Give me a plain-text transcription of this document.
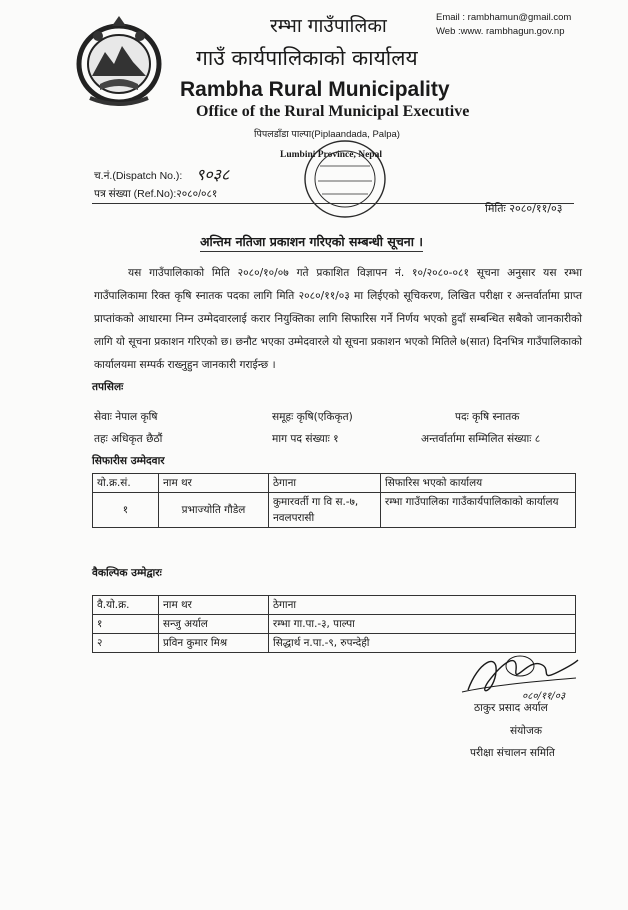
रम्भा गाउँपालिका	Email : rambhamun@gmail.com
Web :www. rambhagun.gov.np
गाउँ कार्यपालिकाको कार्यालय
Rambha Rural Municipality
Office of the Rural Municipal Executive
पिपलडाँडा पाल्पा(Piplaandada, Palpa)
Lumbini Province, Nepal
च.नं.(Dispatch No.): ९०३८
पत्र संख्या (Ref.No):२०८०/०८१
मितिः २०८०/११/०३
अन्तिम नतिजा प्रकाशन गरिएको सम्बन्धी सूचना ।
यस गाउँपालिकाको मिति २०८०/१०/०७ गते प्रकाशित विज्ञापन नं. १०/२०८०-०८१ सूचना अनुसार यस रम्भा गाउँपालिकामा रिक्त कृषि स्नातक पदका लागि मिति २०८०/११/०३ मा लिईएको सूचिकरण, लिखित परीक्षा र अन्तर्वार्तामा प्राप्त प्राप्तांकको आधारमा निम्न उम्मेदवारलाई करार नियुक्तिका लागि सिफारिस गर्ने निर्णय भएको हुदाँ सम्बन्धित सबैको जानकारीको लागि यो सूचना प्रकाशन गरिएको छ। छनौट भएका उम्मेदवारले यो सूचना प्रकाशन भएको मितिले ७(सात) दिनभित्र गाउँपालिकाको कार्यालयमा सम्पर्क राख्नुहुन जानकारी गराईन्छ ।
तपसिलः
सेवाः नेपाल कृषि	समूहः कृषि(एकिकृत)	पदः कृषि स्नातक
तहः अधिकृत छैठौं	माग पद संख्याः १	अन्तर्वार्तामा सम्मिलित संख्याः ८
सिफारीस उम्मेदवार
यो.क्र.सं.	नाम थर	ठेगाना	सिफारिस भएको कार्यालय
१	प्रभाज्योति गौडेल	कुमारवर्ती गा वि स.-७, नवलपरासी	रम्भा गाउँपालिका गाउँकार्यपालिकाको कार्यालय
वैकल्पिक उम्मेद्वारः
वै.यो.क्र.	नाम थर	ठेगाना
१	सन्जु अर्याल	रम्भा गा.पा.-३, पाल्पा
२	प्रविन कुमार मिश्र	सिद्धार्थ न.पा.-९, रुपन्देही
०८०/११/०३
ठाकुर प्रसाद अर्याल
संयोजक
परीक्षा संचालन समिति
